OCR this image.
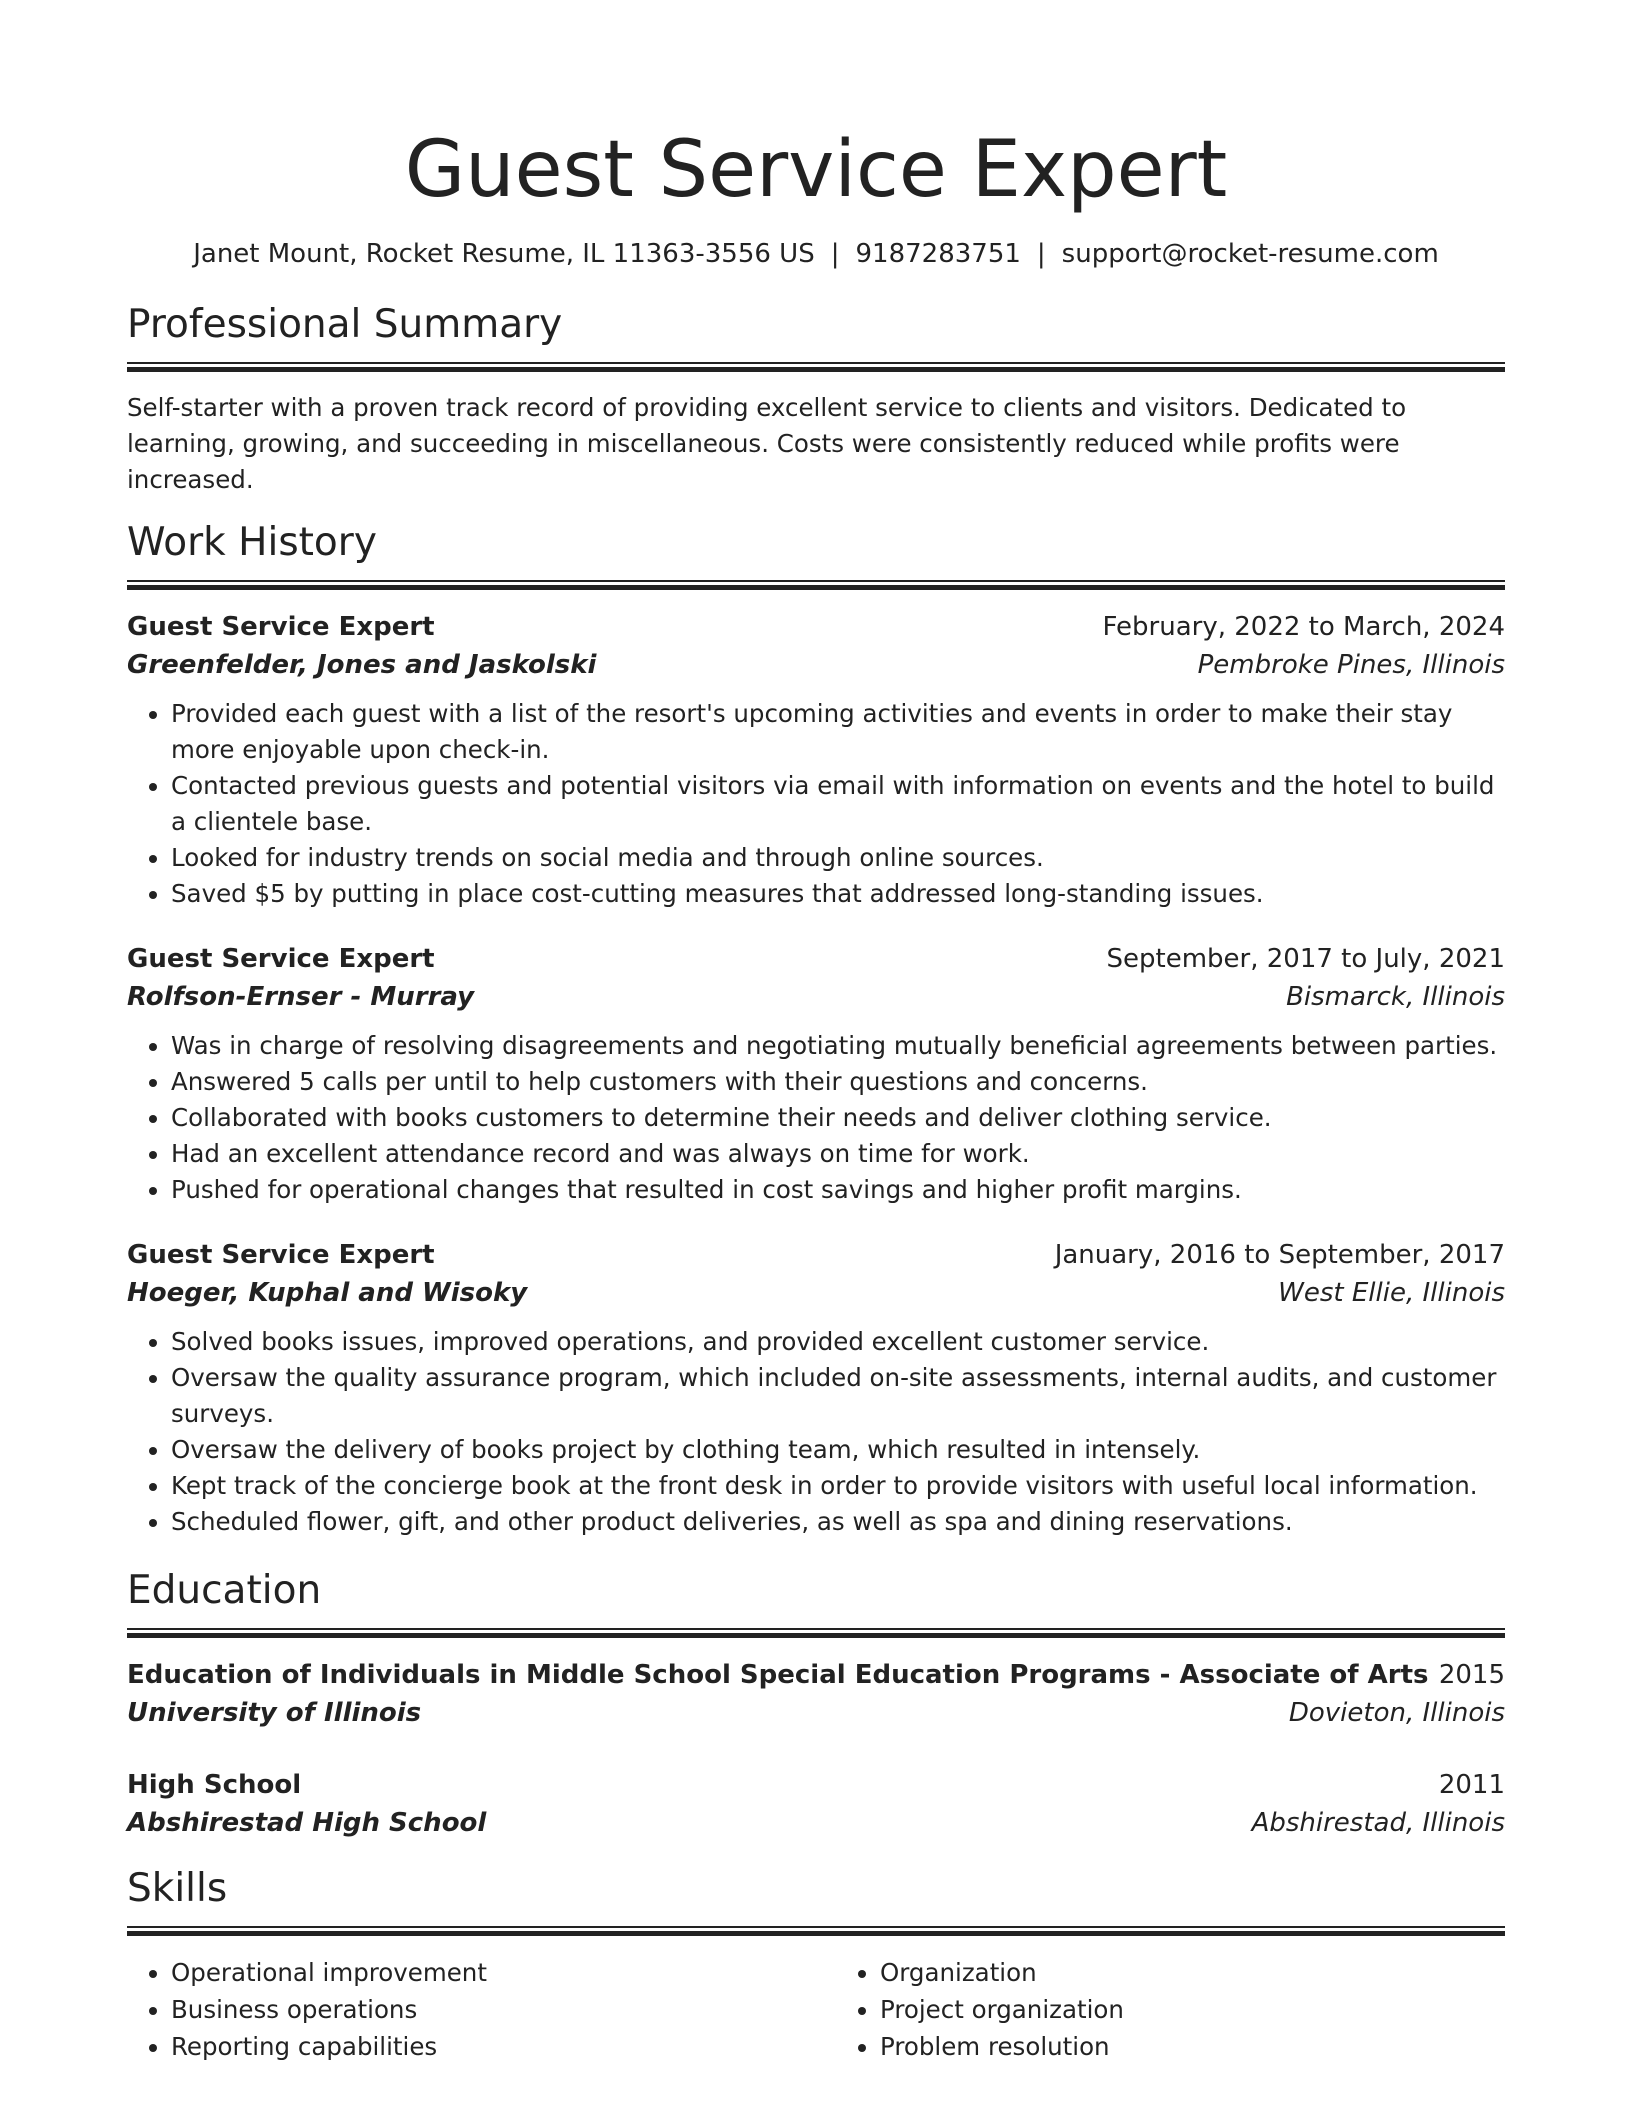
Guest Service Expert
Janet Mount, Rocket Resume, IL 11363-3556 US | 9187283751 | support@rocket-resume.com
Professional Summary

Self-starter with a proven track record of providing excellent service to clients and visitors. Dedicated to learning, growing, and succeeding in miscellaneous. Costs were consistently reduced while profits were increased.

Work History
Guest Service Expert	February, 2022 to March, 2024
Greenfelder, Jones and Jaskolski	Pembroke Pines, Illinois
• Provided each guest with a list of the resort's upcoming activities and events in order to make their stay more enjoyable upon check-in.
• Contacted previous guests and potential visitors via email with information on events and the hotel to build a clientele base.
• Looked for industry trends on social media and through online sources.
• Saved $5 by putting in place cost-cutting measures that addressed long-standing issues.
Guest Service Expert	September, 2017 to July, 2021
Rolfson-Ernser - Murray	Bismarck, Illinois
• Was in charge of resolving disagreements and negotiating mutually beneficial agreements between parties.
• Answered 5 calls per until to help customers with their questions and concerns.
• Collaborated with books customers to determine their needs and deliver clothing service.
• Had an excellent attendance record and was always on time for work.
• Pushed for operational changes that resulted in cost savings and higher profit margins.
Guest Service Expert	January, 2016 to September, 2017
Hoeger, Kuphal and Wisoky	West Ellie, Illinois
• Solved books issues, improved operations, and provided excellent customer service.
• Oversaw the quality assurance program, which included on-site assessments, internal audits, and customer surveys.
• Oversaw the delivery of books project by clothing team, which resulted in intensely.
• Kept track of the concierge book at the front desk in order to provide visitors with useful local information.
• Scheduled flower, gift, and other product deliveries, as well as spa and dining reservations.
Education
Education of Individuals in Middle School Special Education Programs - Associate of Arts 2015
University of Illinois	Dovieton, Illinois
High School	2011
Abshirestad High School	Abshirestad, Illinois
Skills
• Operational improvement
• Business operations
• Reporting capabilities
• Organization
• Project organization
• Problem resolution
